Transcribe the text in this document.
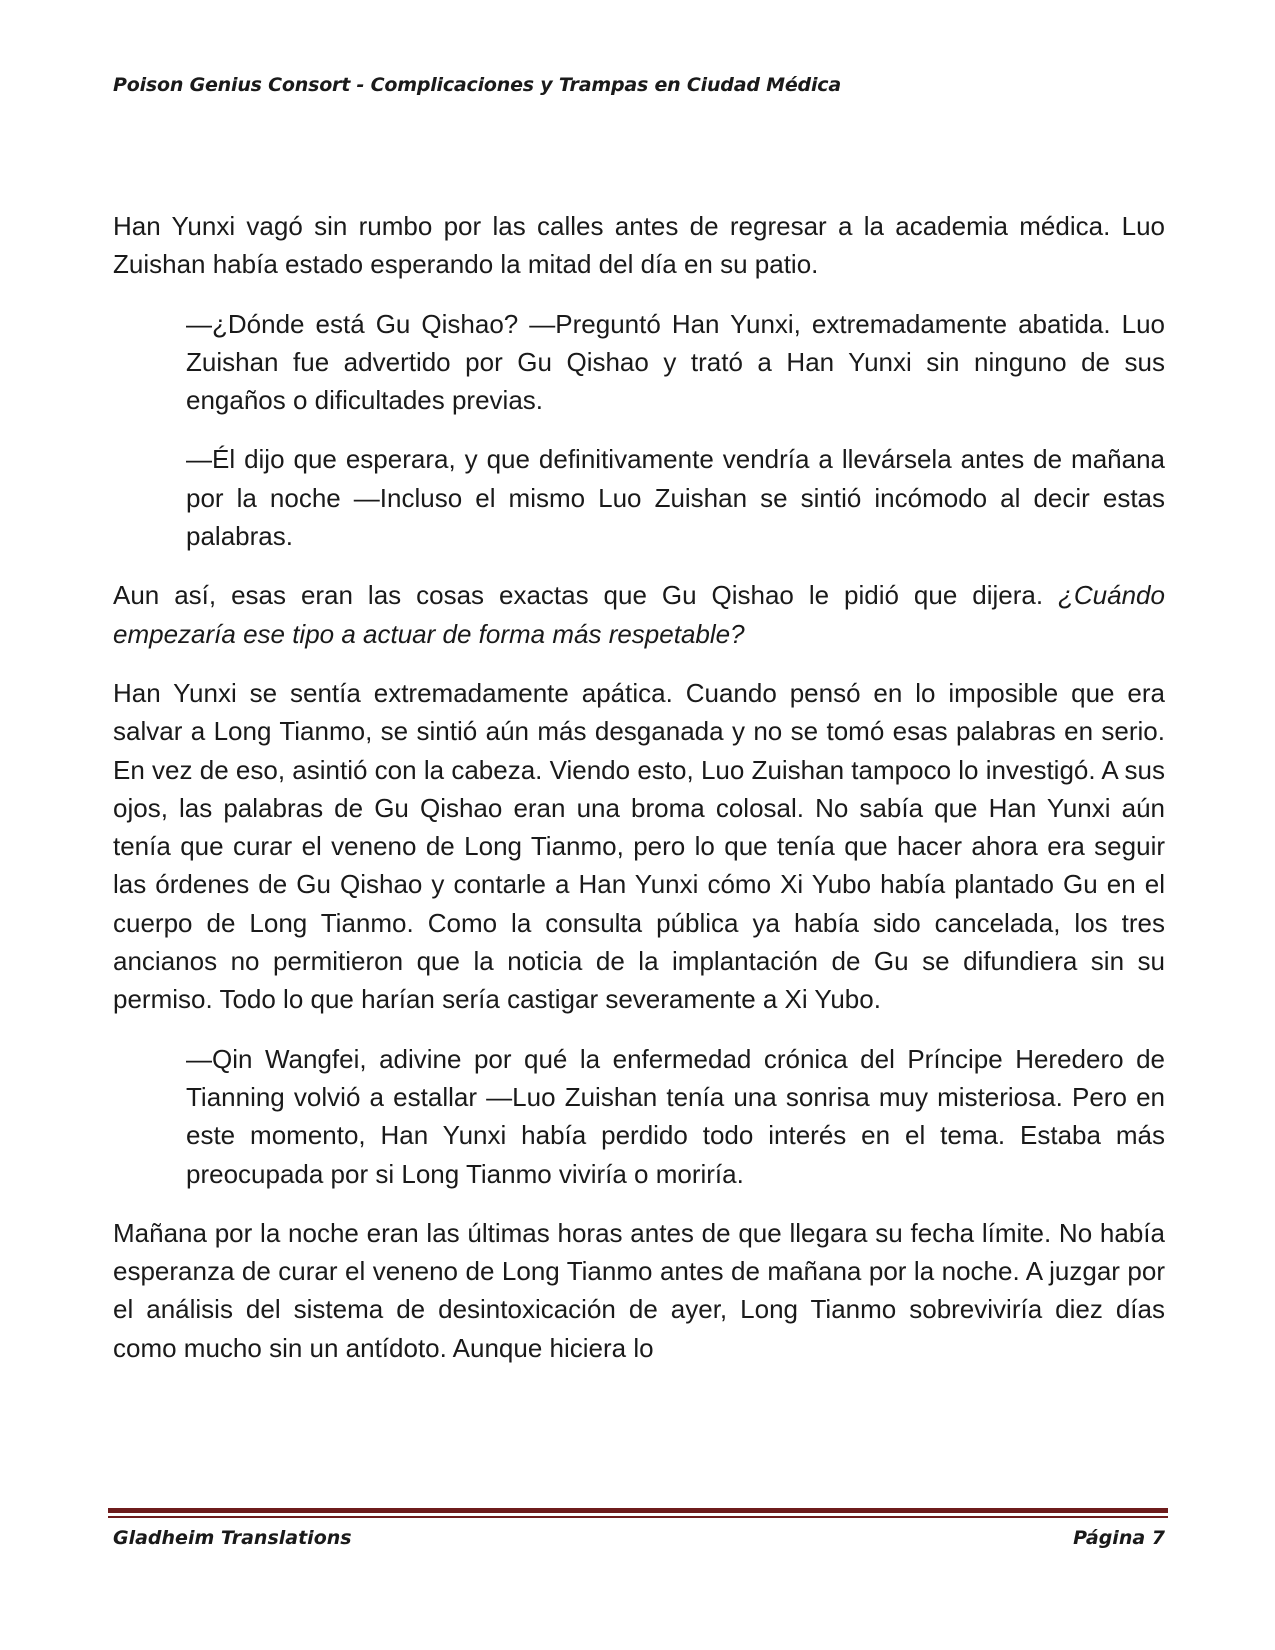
Poison Genius Consort - Complicaciones y Trampas en Ciudad Médica

Han Yunxi vagó sin rumbo por las calles antes de regresar a la academia médica. Luo Zuishan había estado esperando la mitad del día en su patio.

—¿Dónde está Gu Qishao? —Preguntó Han Yunxi, extremadamente abatida. Luo Zuishan fue advertido por Gu Qishao y trató a Han Yunxi sin ninguno de sus engaños o dificultades previas.

—Él dijo que esperara, y que definitivamente vendría a llevársela antes de mañana por la noche —Incluso el mismo Luo Zuishan se sintió incómodo al decir estas palabras.

Aun así, esas eran las cosas exactas que Gu Qishao le pidió que dijera. ¿Cuándo empezaría ese tipo a actuar de forma más respetable?

Han Yunxi se sentía extremadamente apática. Cuando pensó en lo imposible que era salvar a Long Tianmo, se sintió aún más desganada y no se tomó esas palabras en serio. En vez de eso, asintió con la cabeza. Viendo esto, Luo Zuishan tampoco lo investigó. A sus ojos, las palabras de Gu Qishao eran una broma colosal. No sabía que Han Yunxi aún tenía que curar el veneno de Long Tianmo, pero lo que tenía que hacer ahora era seguir las órdenes de Gu Qishao y contarle a Han Yunxi cómo Xi Yubo había plantado Gu en el cuerpo de Long Tianmo. Como la consulta pública ya había sido cancelada, los tres ancianos no permitieron que la noticia de la implantación de Gu se difundiera sin su permiso. Todo lo que harían sería castigar severamente a Xi Yubo.

—Qin Wangfei, adivine por qué la enfermedad crónica del Príncipe Heredero de Tianning volvió a estallar —Luo Zuishan tenía una sonrisa muy misteriosa. Pero en este momento, Han Yunxi había perdido todo interés en el tema. Estaba más preocupada por si Long Tianmo viviría o moriría.

Mañana por la noche eran las últimas horas antes de que llegara su fecha límite. No había esperanza de curar el veneno de Long Tianmo antes de mañana por la noche. A juzgar por el análisis del sistema de desintoxicación de ayer, Long Tianmo sobreviviría diez días como mucho sin un antídoto. Aunque hiciera lo

Gladheim Translations	Página 7
